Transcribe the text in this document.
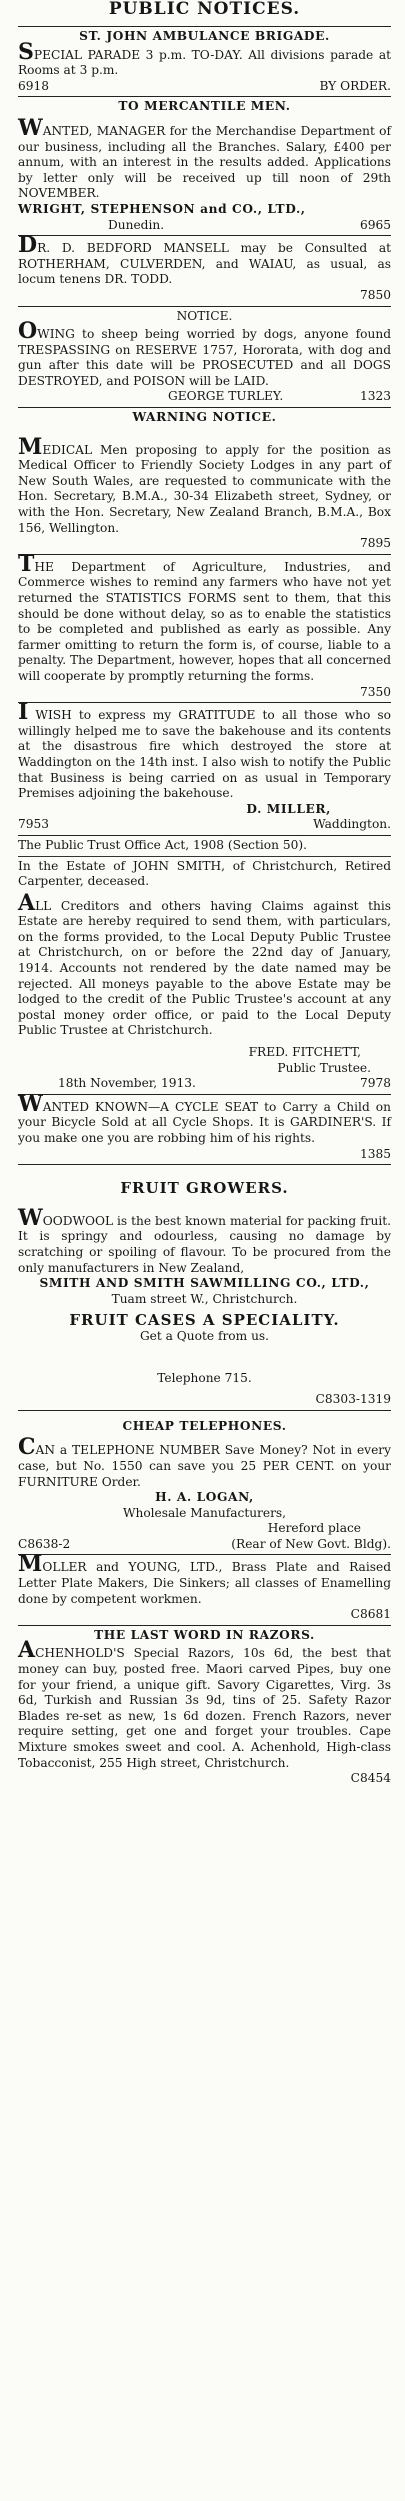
PUBLIC NOTICES.
ST. JOHN AMBULANCE BRIGADE.

SPECIAL PARADE 3 p.m. TO-DAY. All divisions parade at Rooms at 3 p.m.

6918	BY ORDER.
TO MERCANTILE MEN.

WANTED, MANAGER for the Merchandise Department of our business, including all the Branches. Salary, £400 per annum, with an interest in the results added. Applications by letter only will be received up till noon of 29th NOVEMBER.

WRIGHT, STEPHENSON and CO., LTD.,
Dunedin.	6965

DR. D. BEDFORD MANSELL may be Consulted at ROTHERHAM, CULVERDEN, and WAIAU, as usual, as locum tenens DR. TODD.

7850
NOTICE.

OWING to sheep being worried by dogs, anyone found TRESPASSING on RESERVE 1757, Hororata, with dog and gun after this date will be PROSECUTED and all DOGS DESTROYED, and POISON will be LAID.

GEORGE TURLEY.	1323
WARNING NOTICE.

MEDICAL Men proposing to apply for the position as Medical Officer to Friendly Society Lodges in any part of New South Wales, are requested to communicate with the Hon. Secretary, B.M.A., 30-34 Elizabeth street, Sydney, or with the Hon. Secretary, New Zealand Branch, B.M.A., Box 156, Wellington.

7895

THE Department of Agriculture, Industries, and Commerce wishes to remind any farmers who have not yet returned the STATISTICS FORMS sent to them, that this should be done without delay, so as to enable the statistics to be completed and published as early as possible. Any farmer omitting to return the form is, of course, liable to a penalty. The Department, however, hopes that all concerned will cooperate by promptly returning the forms.

7350

I WISH to express my GRATITUDE to all those who so willingly helped me to save the bakehouse and its contents at the disastrous fire which destroyed the store at Waddington on the 14th inst. I also wish to notify the Public that Business is being carried on as usual in Temporary Premises adjoining the bakehouse.

D. MILLER,
7953	Waddington.
The Public Trust Office Act, 1908 (Section 50).

In the Estate of JOHN SMITH, of Christchurch, Retired Carpenter, deceased.

ALL Creditors and others having Claims against this Estate are hereby required to send them, with particulars, on the forms provided, to the Local Deputy Public Trustee at Christchurch, on or before the 22nd day of January, 1914. Accounts not rendered by the date named may be rejected. All moneys payable to the above Estate may be lodged to the credit of the Public Trustee's account at any postal money order office, or paid to the Local Deputy Public Trustee at Christchurch.

FRED. FITCHETT,
Public Trustee.
18th November, 1913.	7978

WANTED KNOWN—A CYCLE SEAT to Carry a Child on your Bicycle Sold at all Cycle Shops. It is GARDINER'S. If you make one you are robbing him of his rights.

1385
FRUIT GROWERS.

WOODWOOL is the best known material for packing fruit. It is springy and odourless, causing no damage by scratching or spoiling of flavour. To be procured from the only manufacturers in New Zealand,

SMITH AND SMITH SAWMILLING CO., LTD.,
Tuam street W., Christchurch.
FRUIT CASES A SPECIALITY.
Get a Quote from us.
Telephone 715.
C8303-1319
CHEAP TELEPHONES.

CAN a TELEPHONE NUMBER Save Money? Not in every case, but No. 1550 can save you 25 PER CENT. on your FURNITURE Order.

H. A. LOGAN,
Wholesale Manufacturers,
Hereford place
C8638-2	(Rear of New Govt. Bldg).

MOLLER and YOUNG, LTD., Brass Plate and Raised Letter Plate Makers, Die Sinkers; all classes of Enamelling done by competent workmen.

C8681
THE LAST WORD IN RAZORS.

ACHENHOLD'S Special Razors, 10s 6d, the best that money can buy, posted free. Maori carved Pipes, buy one for your friend, a unique gift. Savory Cigarettes, Virg. 3s 6d, Turkish and Russian 3s 9d, tins of 25. Safety Razor Blades re-set as new, 1s 6d dozen. French Razors, never require setting, get one and forget your troubles. Cape Mixture smokes sweet and cool. A. Achenhold, High-class Tobacconist, 255 High street, Christchurch.

C8454
